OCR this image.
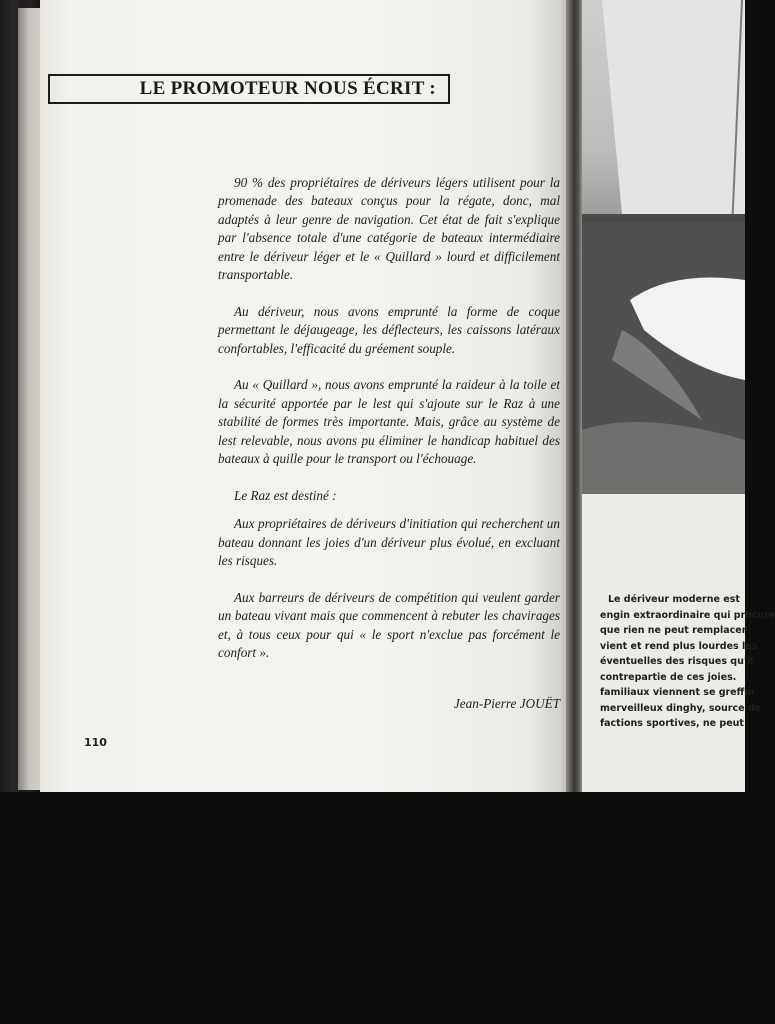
LE PROMOTEUR NOUS ÉCRIT :

90 % des propriétaires de dériveurs légers utilisent pour la promenade des bateaux conçus pour la régate, donc, mal adaptés à leur genre de navigation. Cet état de fait s'explique par l'absence totale d'une catégorie de bateaux intermédiaire entre le dériveur léger et le « Quillard » lourd et difficilement transportable.

Au dériveur, nous avons emprunté la forme de coque permettant le déjaugeage, les déflecteurs, les caissons latéraux confortables, l'efficacité du gréement souple.

Au « Quillard », nous avons emprunté la raideur à la toile et la sécurité apportée par le lest qui s'ajoute sur le Raz à une stabilité de formes très importante. Mais, grâce au système de lest relevable, nous avons pu éliminer le handicap habituel des bateaux à quille pour le transport ou l'échouage.

Le Raz est destiné :

Aux propriétaires de dériveurs d'initiation qui recherchent un bateau donnant les joies d'un dériveur plus évolué, en excluant les risques.

Aux barreurs de dériveurs de compétition qui veulent garder un bateau vivant mais que commencent à rebuter les chavirages et, à tous ceux pour qui « le sport n'exclue pas forcément le confort ».

Jean-Pierre JOUËT
110
Le dériveur moderne est
engin extraordinaire qui procure
que rien ne peut remplacer
vient et rend plus lourdes les
éventuelles des risques qu'il
contrepartie de ces joies.
familiaux viennent se greffer
merveilleux dinghy, source de
factions sportives, ne peut
